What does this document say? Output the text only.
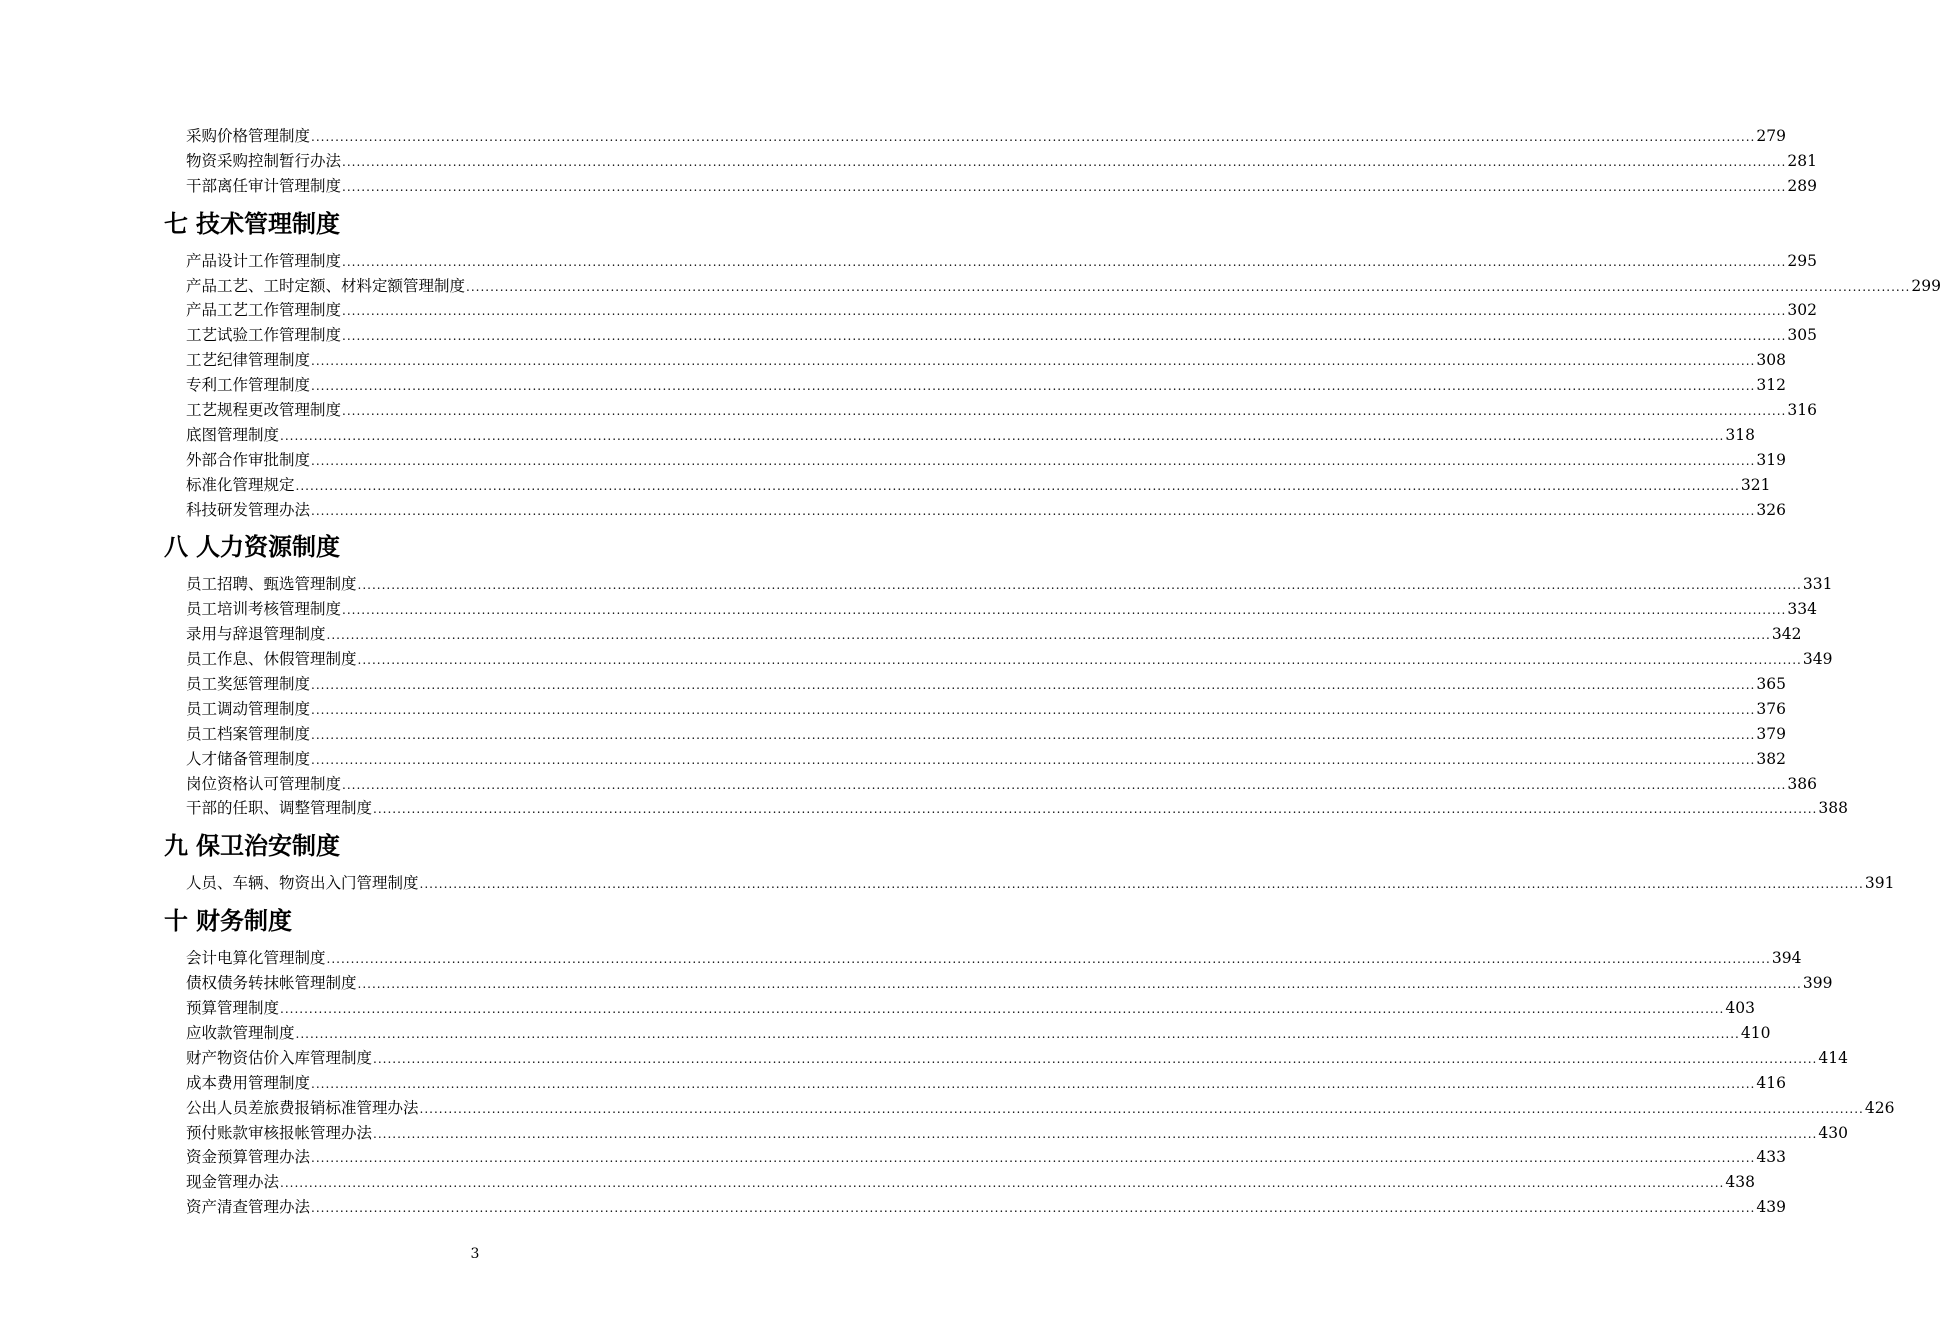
采购价格管理制度 ............................................................................................................................................................................................................................................................................................................ 279
物资采购控制暂行办法 ............................................................................................................................................................................................................................................................................................................ 281
干部离任审计管理制度 ............................................................................................................................................................................................................................................................................................................ 289
七 技术管理制度
产品设计工作管理制度 ............................................................................................................................................................................................................................................................................................................ 295
产品工艺、工时定额、材料定额管理制度 ............................................................................................................................................................................................................................................................................................................ 299
产品工艺工作管理制度 ............................................................................................................................................................................................................................................................................................................ 302
工艺试验工作管理制度 ............................................................................................................................................................................................................................................................................................................ 305
工艺纪律管理制度 ............................................................................................................................................................................................................................................................................................................ 308
专利工作管理制度 ............................................................................................................................................................................................................................................................................................................ 312
工艺规程更改管理制度 ............................................................................................................................................................................................................................................................................................................ 316
底图管理制度 ............................................................................................................................................................................................................................................................................................................ 318
外部合作审批制度 ............................................................................................................................................................................................................................................................................................................ 319
标准化管理规定 ............................................................................................................................................................................................................................................................................................................ 321
科技研发管理办法 ............................................................................................................................................................................................................................................................................................................ 326
八 人力资源制度
员工招聘、甄选管理制度 ............................................................................................................................................................................................................................................................................................................ 331
员工培训考核管理制度 ............................................................................................................................................................................................................................................................................................................ 334
录用与辞退管理制度 ............................................................................................................................................................................................................................................................................................................ 342
员工作息、休假管理制度 ............................................................................................................................................................................................................................................................................................................ 349
员工奖惩管理制度 ............................................................................................................................................................................................................................................................................................................ 365
员工调动管理制度 ............................................................................................................................................................................................................................................................................................................ 376
员工档案管理制度 ............................................................................................................................................................................................................................................................................................................ 379
人才储备管理制度 ............................................................................................................................................................................................................................................................................................................ 382
岗位资格认可管理制度 ............................................................................................................................................................................................................................................................................................................ 386
干部的任职、调整管理制度 ............................................................................................................................................................................................................................................................................................................ 388
九 保卫治安制度
人员、车辆、物资出入门管理制度 ............................................................................................................................................................................................................................................................................................................ 391
十 财务制度
会计电算化管理制度 ............................................................................................................................................................................................................................................................................................................ 394
债权债务转抹帐管理制度 ............................................................................................................................................................................................................................................................................................................ 399
预算管理制度 ............................................................................................................................................................................................................................................................................................................ 403
应收款管理制度 ............................................................................................................................................................................................................................................................................................................ 410
财产物资估价入库管理制度 ............................................................................................................................................................................................................................................................................................................ 414
成本费用管理制度 ............................................................................................................................................................................................................................................................................................................ 416
公出人员差旅费报销标准管理办法 ............................................................................................................................................................................................................................................................................................................ 426
预付账款审核报帐管理办法 ............................................................................................................................................................................................................................................................................................................ 430
资金预算管理办法 ............................................................................................................................................................................................................................................................................................................ 433
现金管理办法 ............................................................................................................................................................................................................................................................................................................ 438
资产清查管理办法 ............................................................................................................................................................................................................................................................................................................ 439
3
